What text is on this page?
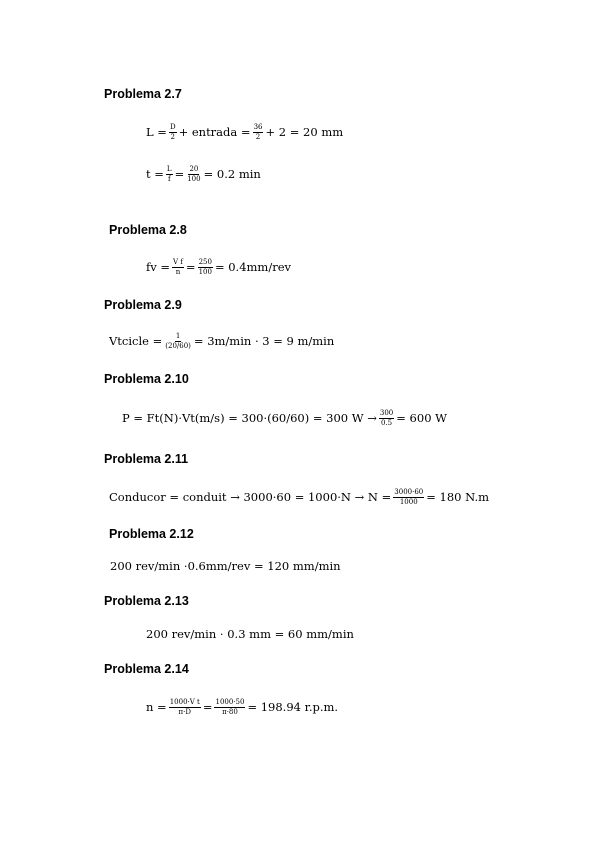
Problema 2.7
$L = \frac{D}{2}$ + entrada = $\frac{36}{2} + 2 = 20$ mm
$t = \frac{L}{f} = \frac{20}{100} = 0.2$ min
Problema 2.8
fv = $\frac{\text{V f}}{n} = \frac{250}{100} = 0.4mm/rev$
Problema 2.9
Vtcicle = $\frac{1}{(20/60)} = 3m/\min \cdot 3 = 9$ m/min
Problema 2.10
P = Ft(N)·Vt(m/s) = 300·(60/60) = 300 $W \to \frac{300}{0.5} = 600$ W
Problema 2.11
Conducor = conduit → $3000\cdot 60 = 1000\cdot N \to N = \frac{3000\cdot 60}{1000} = 180$ N.m
Problema 2.12
200 rev/min ·0.6mm/rev = 120 mm/min
Problema 2.13
200 rev/min · 0.3 mm = 60 mm/min
Problema 2.14
$n = \frac{\text{1000·V t}}{\pi\cdot D} = \frac{1000\cdot 50}{\pi\cdot 80} = 198.94$ r.p.m.
